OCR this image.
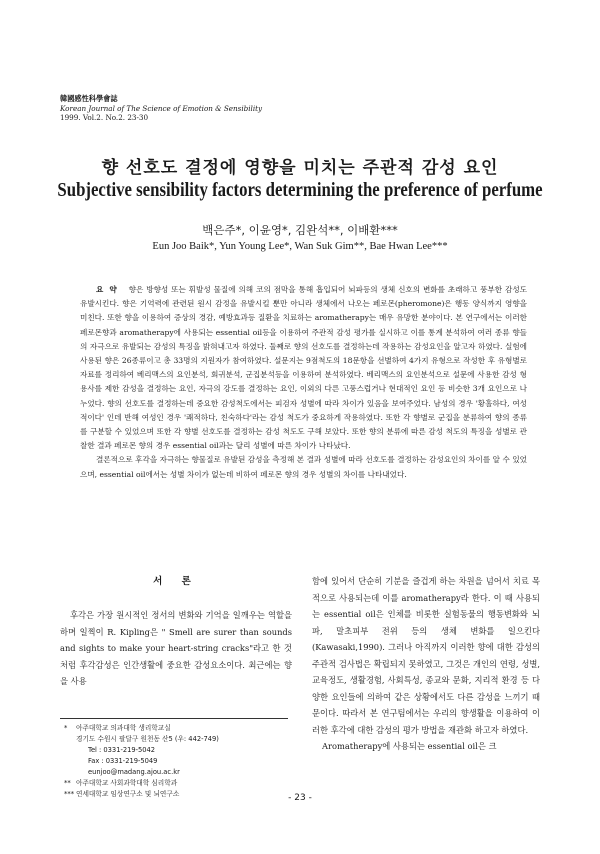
韓國感性科學會誌
Korean Journal of The Science of Emotion & Sensibility
1999. Vol.2. No.2. 23-30
향 선호도 결정에 영향을 미치는 주관적 감성 요인
Subjective sensibility factors determining the preference of perfume
백은주*, 이윤영*, 김완석**, 이배환***
Eun Joo Baik*, Yun Young Lee*, Wan Suk Gim**, Bae Hwan Lee***

요약 향은 방향성 또는 휘발성 물질에 의해 코의 점막을 통해 흡입되어 뇌파등의 생체 신호의 변화를 초래하고 풍부한 감성도 유발시킨다. 향은 기억력에 관련된 원시 감정을 유발시킬 뿐만 아니라 생체에서 나오는 페로몬(pheromone)은 행동 양식까지 영향을 미친다. 또한 향을 이용하여 증상의 경감, 예방효과등 질환을 치료하는 aromatherapy는 매우 유망한 분야이다. 본 연구에서는 이러한 페로몬향과 aromatherapy에 사용되는 essential oil등을 이용하여 주관적 감성 평가를 실시하고 이를 통계 분석하여 여러 종류 향들의 자극으로 유발되는 감성의 특징을 밝혀내고자 하였다. 둘째로 향의 선호도를 결정하는데 작용하는 감성요인을 알고자 하였다. 실험에 사용된 향은 26종류이고 총 33명의 지원자가 참여하였다. 설문지는 9점척도의 18문항을 선별하여 4가지 유형으로 작성한 후 유형별로 자료를 정리하여 베리맥스의 요인분석, 회귀분석, 군집분석등을 이용하여 분석하였다. 베리맥스의 요인분석으로 설문에 사용한 감성 형용사를 제한 감성을 결정하는 요인, 자극의 강도를 결정하는 요인, 이외의 다른 고풍스럽거나 현대적인 요인 등 비슷한 3개 요인으로 나누었다. 향의 선호도를 결정하는데 중요한 감성척도에서는 피검자 성별에 따라 차이가 있음을 보여주었다. 남성의 경우 '황홀하다, 여성적이다' 인데 반해 여성인 경우 '쾌적하다, 친숙하다'라는 감성 척도가 중요하게 작용하였다. 또한 각 향별로 군집을 분류하여 향의 종류를 구분할 수 있었으며 또한 각 향별 선호도를 결정하는 감성 척도도 구해 보았다. 또한 향의 분류에 따른 감성 척도의 특징을 성별로 관찰한 결과 페로몬 향의 경우 essential oil과는 달리 성별에 따른 차이가 나타났다.

결론적으로 후각을 자극하는 향물질로 유발된 감성을 측정해 본 결과 성별에 따라 선호도를 결정하는 감성요인의 차이를 알 수 있었으며, essential oil에서는 성별 차이가 없는데 비하여 페로몬 향의 경우 성별의 차이를 나타내었다.

서 론

후각은 가장 원시적인 정서의 변화와 기억을 일깨우는 역할을 하며 일찍이 R. Kipling은 " Smell are surer than sounds and sights to make your heart-string cracks"라고 한 것처럼 후각감성은 인간생활에 중요한 감성요소이다. 최근에는 향을 사용

함에 있어서 단순히 기분을 즐겁게 하는 차원을 넘어서 치료 목적으로 사용되는데 이를 aromatherapy라 한다. 이 때 사용되는 essential oil은 인체를 비롯한 실험동물의 행동변화와 뇌파, 말초피부 전위 등의 생체 변화를 일으킨다(Kawasaki,1990). 그러나 아직까지 이러한 향에 대한 감성의 주관적 검사법은 확립되지 못하였고, 그것은 개인의 연령, 성별, 교육정도, 생활경험, 사회특성, 종교와 문화, 지리적 환경 등 다양한 요인들에 의하여 같은 상황에서도 다른 감성을 느끼기 때문이다. 따라서 본 연구팀에서는 우리의 향생활을 이용하여 이러한 후각에 대한 감성의 평가 방법을 재관화 하고자 하였다.

Aromatherapy에 사용되는 essential oil은 크

*	아주대학교 의과대학 생리학교실
경기도 수원시 팔달구 원천동 산5 (우: 442-749)
Tel : 0331-219-5042
Fax : 0331-219-5049
eunjoo@madang.ajou.ac.kr
** 아주대학교 사회과학대학 심리학과
*** 연세대학교 임상연구소 및 뇌연구소	- 23 -
